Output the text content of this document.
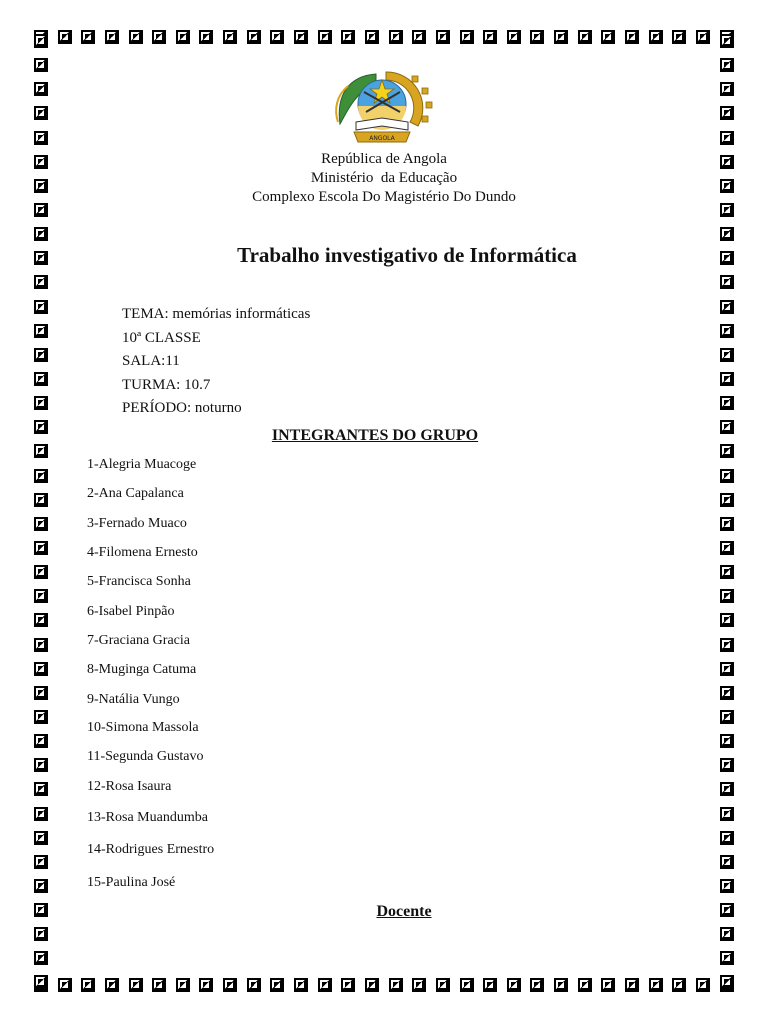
ANGOLA
República de Angola
Ministério  da Educação
Complexo Escola Do Magistério Do Dundo
Trabalho investigativo de Informática
TEMA: memórias informáticas
10ª CLASSE
SALA:11
TURMA: 10.7
PERÍODO: noturno
INTEGRANTES DO GRUPO
1-Alegria Muacoge
2-Ana Capalanca
3-Fernado Muaco
4-Filomena Ernesto
5-Francisca Sonha
6-Isabel Pinpão
7-Graciana Gracia
8-Muginga Catuma
9-Natália Vungo
10-Simona Massola
11-Segunda Gustavo
12-Rosa Isaura
13-Rosa Muandumba
14-Rodrigues Ernestro
15-Paulina José
Docente
